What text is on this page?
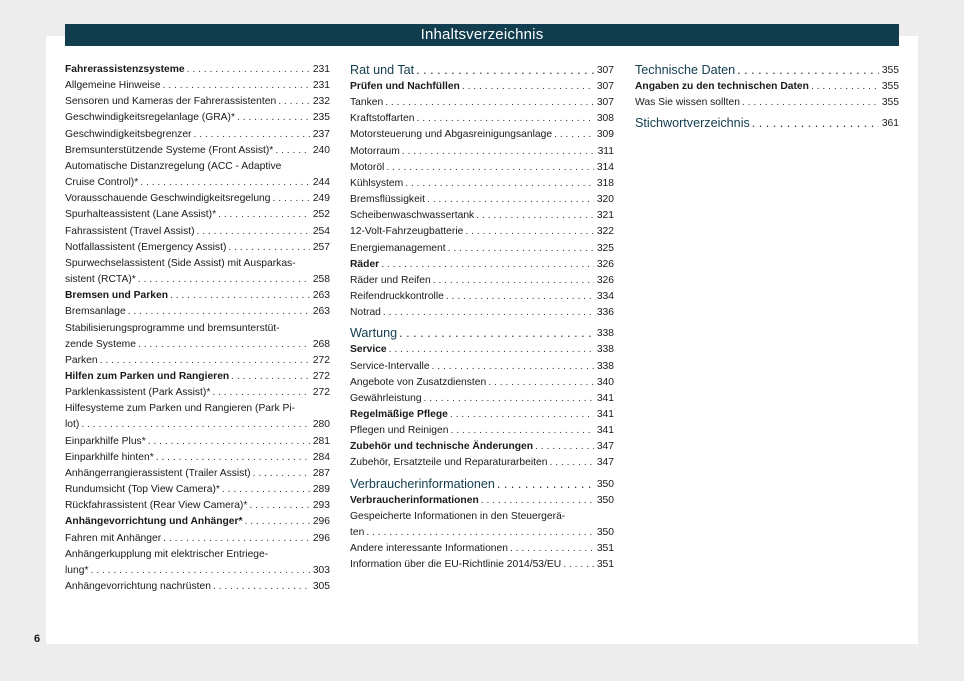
Inhaltsverzeichnis
Fahrerassistenzsysteme . . .	231
Allgemeine Hinweise . . .	231
Sensoren und Kameras der Fahrerassistenten . . .	232
Geschwindigkeitsregelanlage (GRA)* . . .	235
Geschwindigkeitsbegrenzer . . .	237
Bremsunterstützende Systeme (Front Assist)* . . .	240
Automatische Distanzregelung (ACC - Adaptive
Cruise Control)* . . .	244
Vorausschauende Geschwindigkeitsregelung . . .	249
Spurhalteassistent (Lane Assist)* . . .	252
Fahrassistent (Travel Assist) . . .	254
Notfallassistent (Emergency Assist) . . .	257
Spurwechselassistent (Side Assist) mit Ausparkas-
sistent (RCTA)* . . .	258
Bremsen und Parken . . .	263
Bremsanlage . . .	263
Stabilisierungsprogramme und bremsunterstüt-
zende Systeme . . .	268
Parken . . .	272
Hilfen zum Parken und Rangieren . . .	272
Parklenkassistent (Park Assist)* . . .	272
Hilfesysteme zum Parken und Rangieren (Park Pi-
lot) . . .	280
Einparkhilfe Plus* . . .	281
Einparkhilfe hinten* . . .	284
Anhängerrangierassistent (Trailer Assist) . . .	287
Rundumsicht (Top View Camera)* . . .	289
Rückfahrassistent (Rear View Camera)* . . .	293
Anhängevorrichtung und Anhänger* . . .	296
Fahren mit Anhänger . . .	296
Anhängerkupplung mit elektrischer Entriege-
lung* . . .	303
Anhängevorrichtung nachrüsten . . .	305
Rat und Tat . . .	307
Prüfen und Nachfüllen . . .	307
Tanken . . .	307
Kraftstoffarten . . .	308
Motorsteuerung und Abgasreinigungsanlage . . .	309
Motorraum . . .	311
Motoröl . . .	314
Kühlsystem . . .	318
Bremsflüssigkeit . . .	320
Scheibenwaschwassertank . . .	321
12-Volt-Fahrzeugbatterie . . .	322
Energiemanagement . . .	325
Räder . . .	326
Räder und Reifen . . .	326
Reifendruckkontrolle . . .	334
Notrad . . .	336
Wartung . . .	338
Service . . .	338
Service-Intervalle . . .	338
Angebote von Zusatzdiensten . . .	340
Gewährleistung . . .	341
Regelmäßige Pflege . . .	341
Pflegen und Reinigen . . .	341
Zubehör und technische Änderungen . . .	347
Zubehör, Ersatzteile und Reparaturarbeiten . . .	347
Verbraucherinformationen . . .	350
Verbraucherinformationen . . .	350
Gespeicherte Informationen in den Steuergerä-
ten . . .	350
Andere interessante Informationen . . .	351
Information über die EU-Richtlinie 2014/53/EU . . .	351
Technische Daten . . .	355
Angaben zu den technischen Daten . . .	355
Was Sie wissen sollten . . .	355
Stichwortverzeichnis . . .	361
6
